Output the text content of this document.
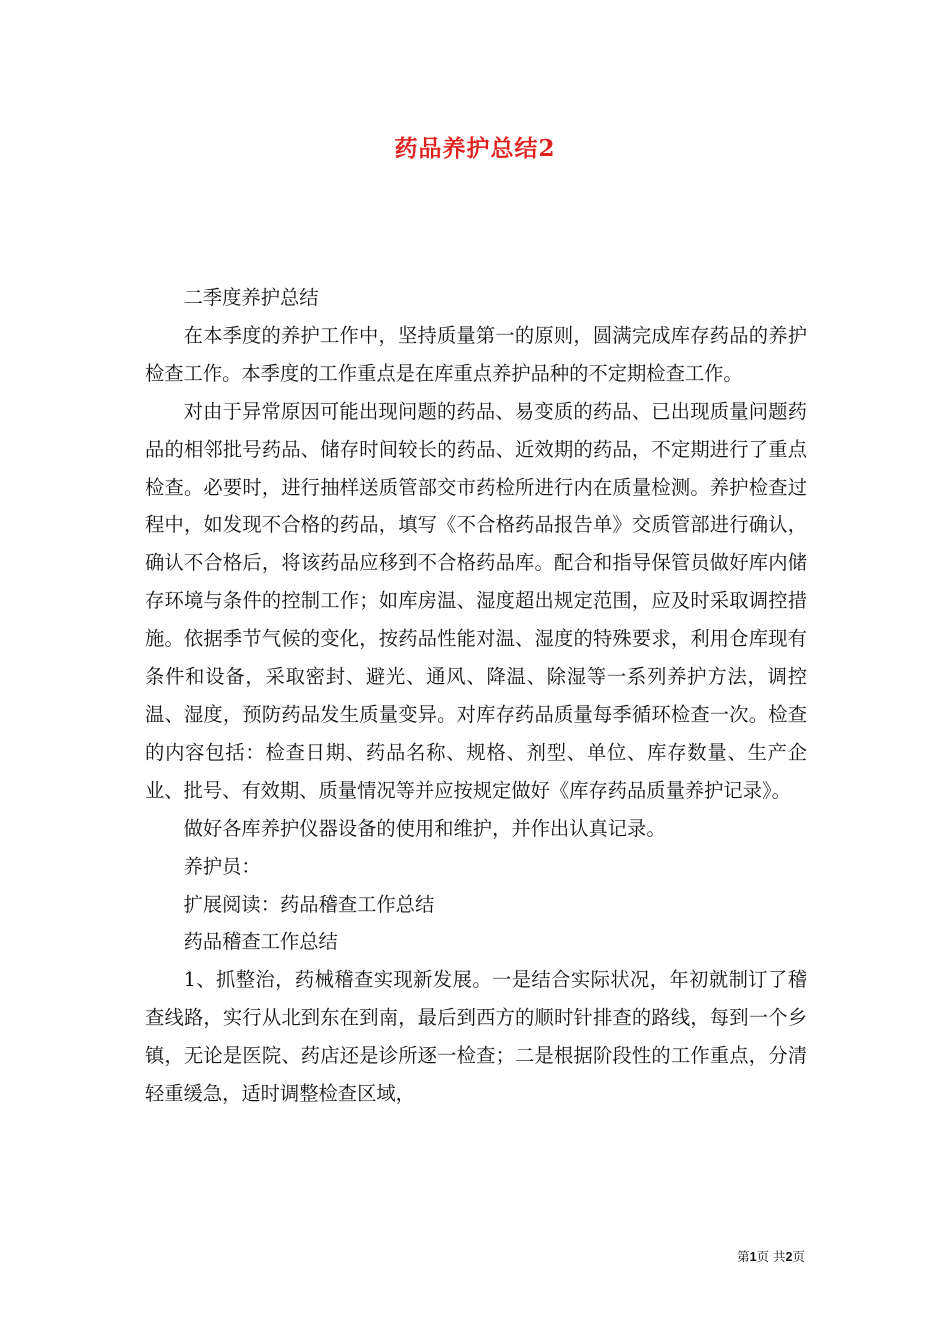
药品养护总结2

二季度养护总结

在本季度的养护工作中，坚持质量第一的原则，圆满完成库存药品的养护检查工作。本季度的工作重点是在库重点养护品种的不定期检查工作。

对由于异常原因可能出现问题的药品、易变质的药品、已出现质量问题药品的相邻批号药品、储存时间较长的药品、近效期的药品，不定期进行了重点检查。必要时，进行抽样送质管部交市药检所进行内在质量检测。养护检查过程中，如发现不合格的药品，填写《不合格药品报告单》交质管部进行确认，确认不合格后，将该药品应移到不合格药品库。配合和指导保管员做好库内储存环境与条件的控制工作；如库房温、湿度超出规定范围，应及时采取调控措施。依据季节气候的变化，按药品性能对温、湿度的特殊要求，利用仓库现有条件和设备，采取密封、避光、通风、降温、除湿等一系列养护方法，调控温、湿度，预防药品发生质量变异。对库存药品质量每季循环检查一次。检查的内容包括：检查日期、药品名称、规格、剂型、单位、库存数量、生产企业、批号、有效期、质量情况等并应按规定做好《库存药品质量养护记录》。

做好各库养护仪器设备的使用和维护，并作出认真记录。

养护员：

扩展阅读：药品稽查工作总结

药品稽查工作总结

1、抓整治，药械稽查实现新发展。一是结合实际状况，年初就制订了稽查线路，实行从北到东在到南，最后到西方的顺时针排查的路线，每到一个乡镇，无论是医院、药店还是诊所逐一检查；二是根据阶段性的工作重点，分清轻重缓急，适时调整检查区域，

第1页 共2页
